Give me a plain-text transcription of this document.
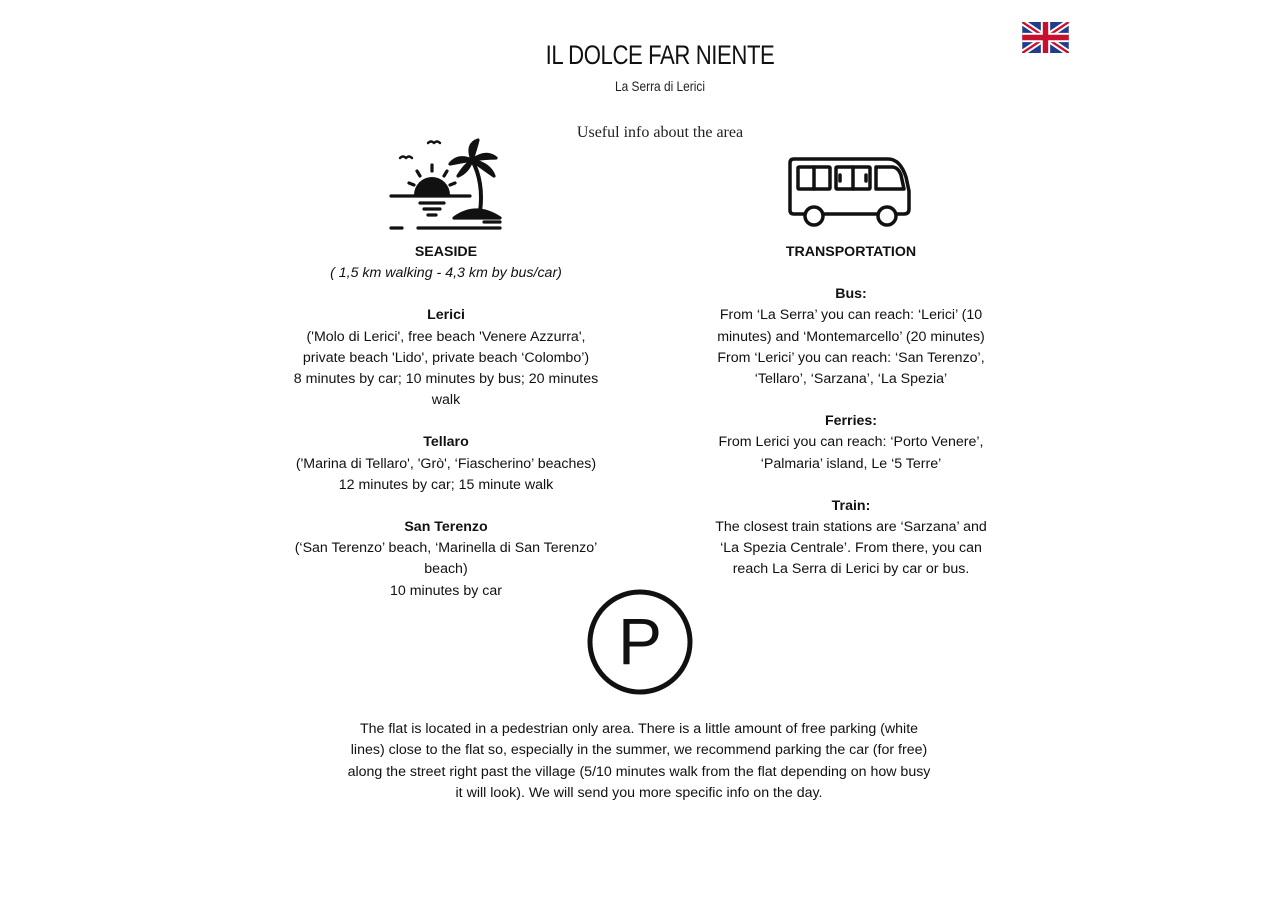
IL DOLCE FAR NIENTE
La Serra di Lerici
Useful info about the area
SEASIDE
( 1,5 km walking - 4,3 km by bus/car)
Lerici
('Molo di Lerici', free beach 'Venere Azzurra',
private beach 'Lido', private beach ‘Colombo’)
8 minutes by car; 10 minutes by bus; 20 minutes
walk
Tellaro
('Marina di Tellaro', 'Grò', ‘Fiascherino’ beaches)
12 minutes by car; 15 minute walk
San Terenzo
(‘San Terenzo’ beach, ‘Marinella di San Terenzo’
beach)
10 minutes by car
TRANSPORTATION
Bus:
From ‘La Serra’ you can reach: ‘Lerici’ (10
minutes) and ‘Montemarcello’ (20 minutes)
From ‘Lerici’ you can reach: ‘San Terenzo’,
‘Tellaro’, ‘Sarzana’, ‘La Spezia’
Ferries:
From Lerici you can reach: ‘Porto Venere’,
‘Palmaria’ island, Le ‘5 Terre’
Train:
The closest train stations are ‘Sarzana’ and
‘La Spezia Centrale’. From there, you can
reach La Serra di Lerici by car or bus.
P
The flat is located in a pedestrian only area. There is a little amount of free parking (white
lines) close to the flat so, especially in the summer, we recommend parking the car (for free)
along the street right past the village (5/10 minutes walk from the flat depending on how busy
it will look). We will send you more specific info on the day.
